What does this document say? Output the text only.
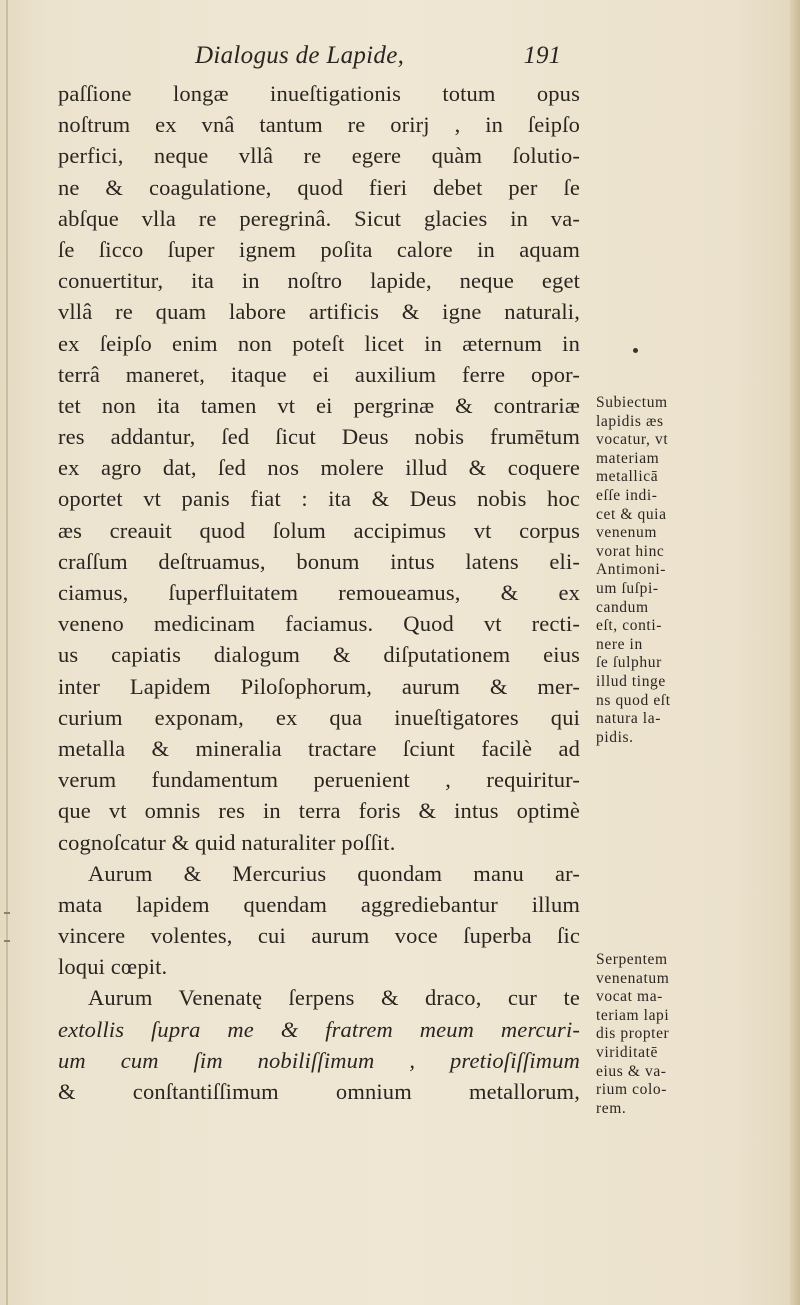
Dialogus de Lapide,	191
paſſione longæ inueſtigationis totum opus
noſtrum ex vnâ tantum re orirj , in ſeipſo
perfici, neque vllâ re egere quàm ſolutio-
ne & coagulatione, quod fieri debet per ſe
abſque vlla re peregrinâ. Sicut glacies in va-
ſe ſicco ſuper ignem poſita calore in aquam
conuertitur, ita in noſtro lapide, neque eget
vllâ re quam labore artificis & igne naturali,
ex ſeipſo enim non poteſt licet in æternum in
terrâ maneret, itaque ei auxilium ferre opor-
tet non ita tamen vt ei pergrinæ & contrariæ
res addantur, ſed ſicut Deus nobis frumētum
ex agro dat, ſed nos molere illud & coquere
oportet vt panis fiat : ita & Deus nobis hoc
æs creauit quod ſolum accipimus vt corpus
craſſum deſtruamus, bonum intus latens eli-
ciamus, ſuperfluitatem remoueamus, & ex
veneno medicinam faciamus. Quod vt recti-
us capiatis dialogum & diſputationem eius
inter Lapidem Piloſophorum, aurum & mer-
curium exponam, ex qua inueſtigatores qui
metalla & mineralia tractare ſciunt facilè ad
verum fundamentum peruenient , requiritur-
que vt omnis res in terra foris & intus optimè
cognoſcatur & quid naturaliter poſſit.
Aurum & Mercurius quondam manu ar-
mata lapidem quendam aggrediebantur illum
vincere volentes, cui aurum voce ſuperba ſic
loqui cœpit.
Aurum Venenatę ſerpens & draco, cur te
extollis ſupra me & fratrem meum mercuri-
um cum ſim nobiliſſimum , pretioſiſſimum
& conſtantiſſimum omnium metallorum,
Subiectum
lapidis æs
vocatur, vt
materiam
metallicā
eſſe indi-
cet & quia
venenum
vorat hinc
Antimoni-
um ſuſpi-
candum
eſt, conti-
nere in
ſe ſulphur
illud tinge
ns quod eſt
natura la-
pidis.
Serpentem
venenatum
vocat ma-
teriam lapi
dis propter
viriditatē
eius & va-
rium colo-
rem.
